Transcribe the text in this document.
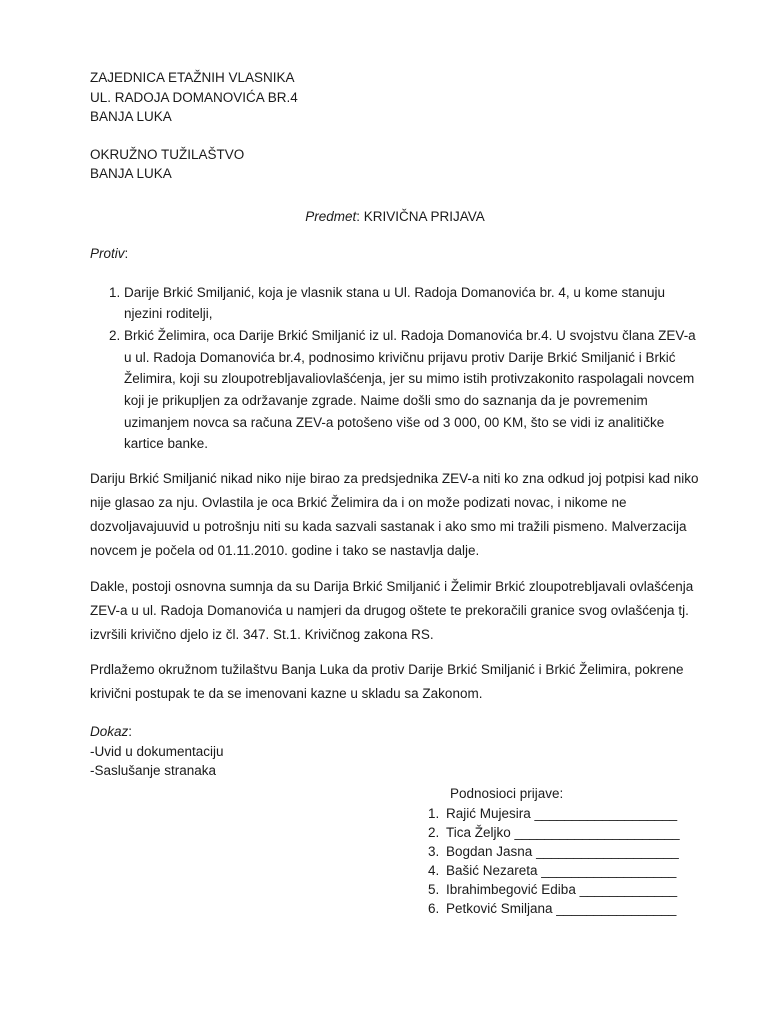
ZAJEDNICA ETAŽNIH VLASNIKA
UL. RADOJA DOMANOVIĆA BR.4
BANJA LUKA
OKRUŽNO TUŽILAŠTVO
BANJA LUKA
Predmet: KRIVIČNA PRIJAVA
Protiv:
1. Darije Brkić Smiljanić, koja je vlasnik stana u Ul. Radoja Domanovića br. 4, u kome stanuju njezini roditelji,
2. Brkić Želimira, oca Darije Brkić Smiljanić iz ul. Radoja Domanovića br.4. U svojstvu člana ZEV-a u ul. Radoja Domanovića br.4, podnosimo krivičnu prijavu protiv Darije Brkić Smiljanić i Brkić Želimira, koji su zloupotrebljavaliovlašćenja, jer su mimo istih protivzakonito raspolagali novcem koji je prikupljen za održavanje zgrade. Naime došli smo do saznanja da je povremenim uzimanjem novca sa računa ZEV-a potošeno više od 3 000, 00 KM, što se vidi iz analitičke kartice banke.

Dariju Brkić Smiljanić nikad niko nije birao za predsjednika ZEV-a niti ko zna odkud joj potpisi kad niko nije glasao za nju. Ovlastila je oca Brkić Želimira da i on može podizati novac, i nikome ne dozvoljavajuuvid u potrošnju niti su kada sazvali sastanak i ako smo mi tražili pismeno. Malverzacija novcem je počela od 01.11.2010. godine i tako se nastavlja dalje.

Dakle, postoji osnovna sumnja da su Darija Brkić Smiljanić i Želimir Brkić zloupotrebljavali ovlašćenja ZEV-a u ul. Radoja Domanovića u namjeri da drugog oštete te prekoračili granice svog ovlašćenja tj. izvršili krivično djelo iz čl. 347. St.1. Krivičnog zakona RS.

Prdlažemo okružnom tužilaštvu Banja Luka da protiv Darije Brkić Smiljanić i Brkić Želimira, pokrene krivični postupak te da se imenovani kazne u skladu sa Zakonom.

Dokaz:
-Uvid u dokumentaciju
-Saslušanje stranaka
Podnosioci prijave:
1. Rajić Mujesira ___________________
2. Tica Željko ______________________
3. Bogdan Jasna ___________________
4. Bašić Nezareta __________________
5. Ibrahimbegović Ediba _____________
6. Petković Smiljana ________________
